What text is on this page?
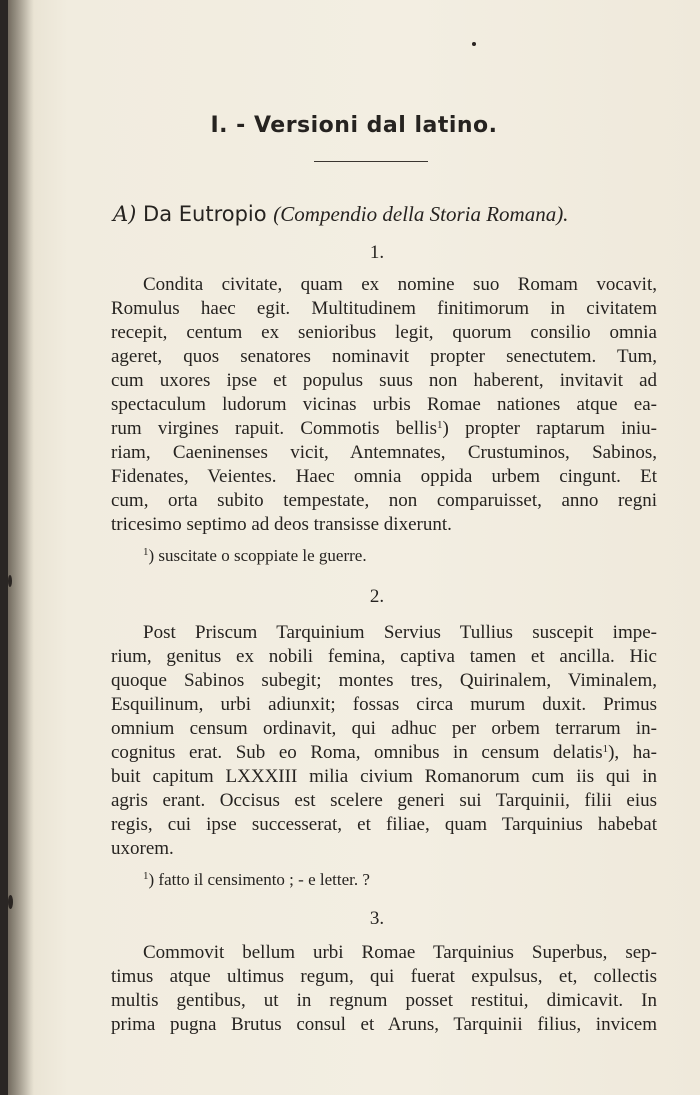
I. - Versioni dal latino.
A) Da Eutropio (Compendio della Storia Romana).
1.
Condita civitate, quam ex nomine suo Romam vocavit,
Romulus haec egit. Multitudinem finitimorum in civitatem
recepit, centum ex senioribus legit, quorum consilio omnia
ageret, quos senatores nominavit propter senectutem. Tum,
cum uxores ipse et populus suus non haberent, invitavit ad
spectaculum ludorum vicinas urbis Romae nationes atque ea-
rum virgines rapuit. Commotis bellis$^1$) propter raptarum iniu-
riam, Caeninenses vicit, Antemnates, Crustuminos, Sabinos,
Fidenates, Veientes. Haec omnia oppida urbem cingunt. Et
cum, orta subito tempestate, non comparuisset, anno regni
tricesimo septimo ad deos transisse dixerunt.
$^1$) suscitate o scoppiate le guerre.
2.
Post Priscum Tarquinium Servius Tullius suscepit impe-
rium, genitus ex nobili femina, captiva tamen et ancilla. Hic
quoque Sabinos subegit; montes tres, Quirinalem, Viminalem,
Esquilinum, urbi adiunxit; fossas circa murum duxit. Primus
omnium censum ordinavit, qui adhuc per orbem terrarum in-
cognitus erat. Sub eo Roma, omnibus in censum delatis$^1$), ha-
buit capitum LXXXIII milia civium Romanorum cum iis qui in
agris erant. Occisus est scelere generi sui Tarquinii, filii eius
regis, cui ipse successerat, et filiae, quam Tarquinius habebat
uxorem.
$^1$) fatto il censimento ; - e letter. ?
3.
Commovit bellum urbi Romae Tarquinius Superbus, sep-
timus atque ultimus regum, qui fuerat expulsus, et, collectis
multis gentibus, ut in regnum posset restitui, dimicavit. In
prima pugna Brutus consul et Aruns, Tarquinii filius, invicem
